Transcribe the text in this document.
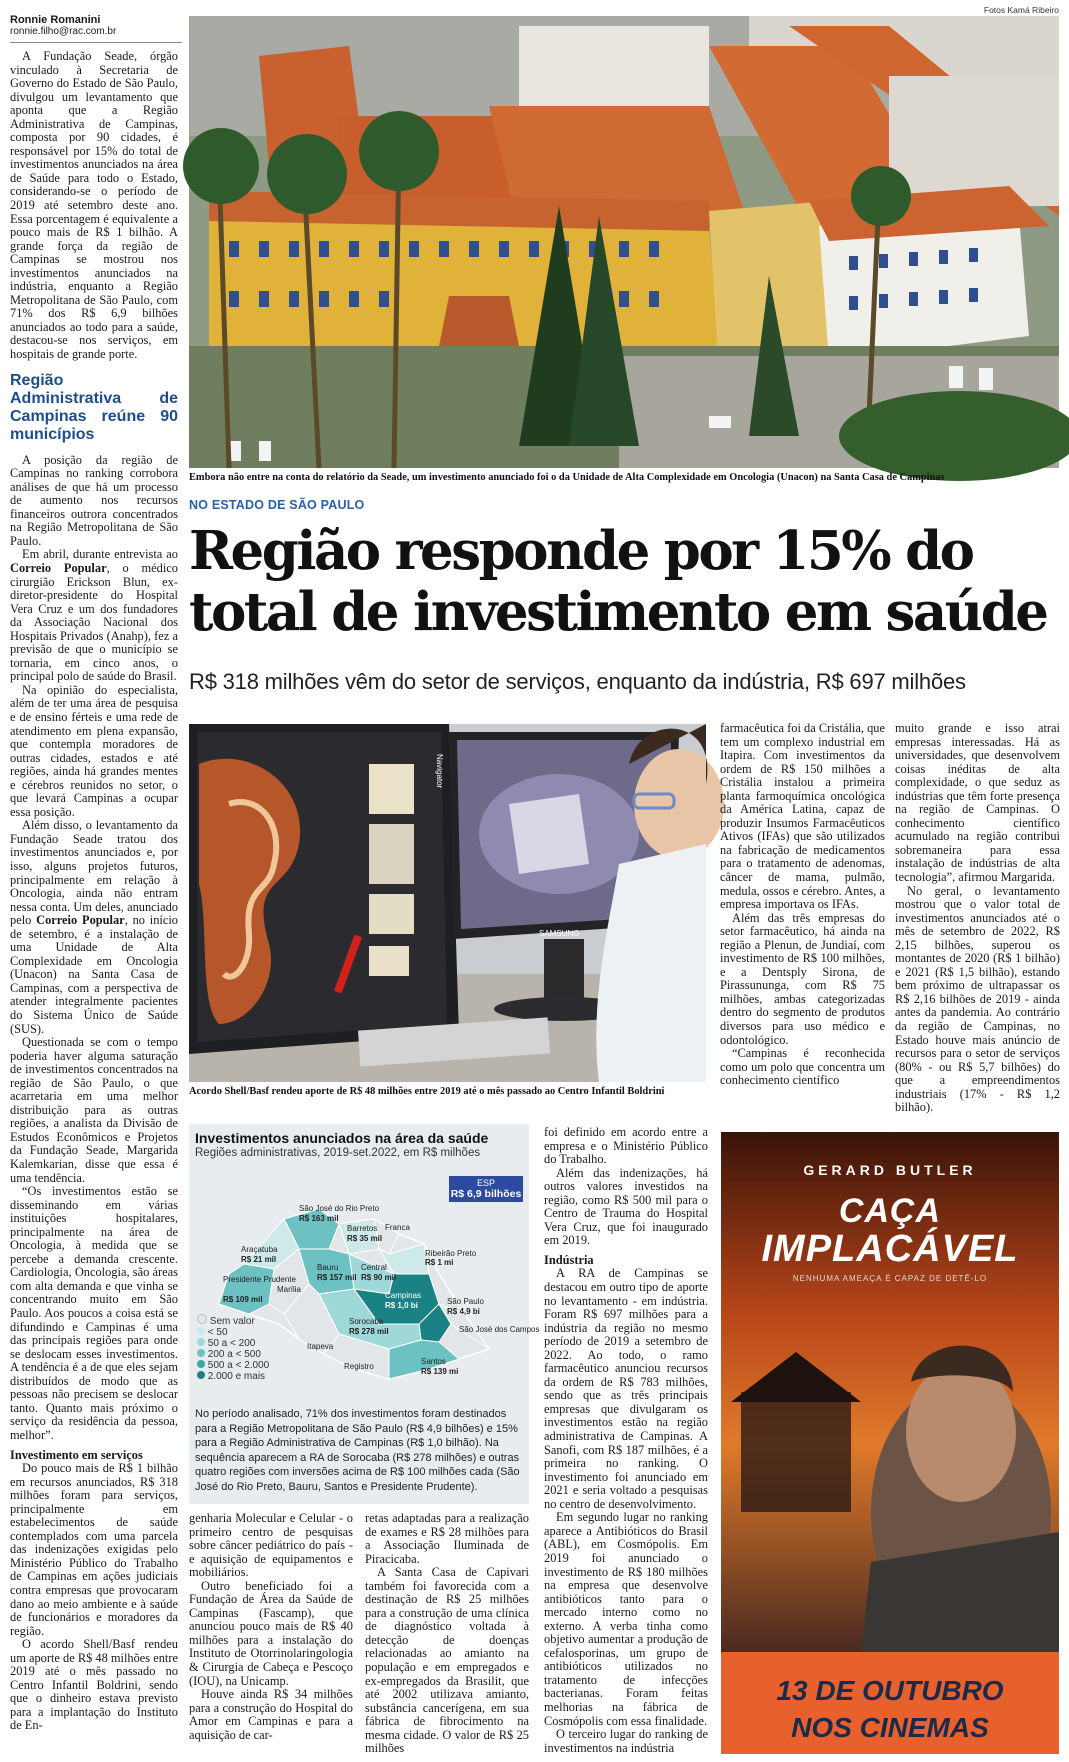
Ronnie Romanini
ronnie.filho@rac.com.br
Fotos Kamá Ribeiro
Embora não entre na conta do relatório da Seade, um investimento anunciado foi o da Unidade de Alta Complexidade em Oncologia (Unacon) na Santa Casa de Campinas
NO ESTADO DE SÃO PAULO
Região responde por 15% do
total de investimento em saúde
R$ 318 milhões vêm do setor de serviços, enquanto da indústria, R$ 697 milhões

A Fundação Seade, órgão vinculado à Secretaria de Governo do Estado de São Paulo, divulgou um levantamento que aponta que a Região Administrativa de Campinas, composta por 90 cidades, é responsável por 15% do total de investimentos anunciados na área de Saúde para todo o Estado, considerando-se o período de 2019 até setembro deste ano. Essa porcentagem é equivalente a pouco mais de R$ 1 bilhão. A grande força da região de Campinas se mostrou nos investimentos anunciados na indústria, enquanto a Região Metropolitana de São Paulo, com 71% dos R$ 6,9 bilhões anunciados ao todo para a saúde, destacou-se nos serviços, em hospitais de grande porte.

Região Administrativa de Campinas reúne 90 municípios

A posição da região de Campinas no ranking corrobora análises de que há um processo de aumento nos recursos financeiros outrora concentrados na Região Metropolitana de São Paulo.

Em abril, durante entrevista ao Correio Popular, o médico cirurgião Erickson Blun, ex-diretor-presidente do Hospital Vera Cruz e um dos fundadores da Associação Nacional dos Hospitais Privados (Anahp), fez a previsão de que o município se tornaria, em cinco anos, o principal polo de saúde do Brasil.

Na opinião do especialista, além de ter uma área de pesquisa e de ensino férteis e uma rede de atendimento em plena expansão, que contempla moradores de outras cidades, estados e até regiões, ainda há grandes mentes e cérebros reunidos no setor, o que levará Campinas a ocupar essa posição.

Além disso, o levantamento da Fundação Seade tratou dos investimentos anunciados e, por isso, alguns projetos futuros, principalmente em relação à Oncologia, ainda não entram nessa conta. Um deles, anunciado pelo Correio Popular, no início de setembro, é a instalação de uma Unidade de Alta Complexidade em Oncologia (Unacon) na Santa Casa de Campinas, com a perspectiva de atender integralmente pacientes do Sistema Único de Saúde (SUS).

Questionada se com o tempo poderia haver alguma saturação de investimentos concentrados na região de São Paulo, o que acarretaria em uma melhor distribuição para as outras regiões, a analista da Divisão de Estudos Econômicos e Projetos da Fundação Seade, Margarida Kalemkarian, disse que essa é uma tendência.

“Os investimentos estão se disseminando em várias instituições hospitalares, principalmente na área de Oncologia, à medida que se percebe a demanda crescente. Cardiologia, Oncologia, são áreas com alta demanda e que vinha se concentrando muito em São Paulo. Aos poucos a coisa está se difundindo e Campinas é uma das principais regiões para onde se deslocam esses investimentos. A tendência é a de que eles sejam distribuídos de modo que as pessoas não precisem se deslocar tanto. Quanto mais próximo o serviço da residência da pessoa, melhor”.

Investimento em serviços

Do pouco mais de R$ 1 bilhão em recursos anunciados, R$ 318 milhões foram para serviços, principalmente em estabelecimentos de saúde contemplados com uma parcela das indenizações exigidas pelo Ministério Público do Trabalho de Campinas em ações judiciais contra empresas que provocaram dano ao meio ambiente e à saúde de funcionários e moradores da região.

O acordo Shell/Basf rendeu um aporte de R$ 48 milhões entre 2019 até o mês passado no Centro Infantil Boldrini, sendo que o dinheiro estava previsto para a implantação do Instituto de En-

Navigator
SAMSUNG
Acordo Shell/Basf rendeu aporte de R$ 48 milhões entre 2019 até o mês passado ao Centro Infantil Boldrini

farmacêutica foi da Cristália, que tem um complexo industrial em Itapira. Com investimentos da ordem de R$ 150 milhões a Cristália instalou a primeira planta farmoquímica oncológica da América Latina, capaz de produzir Insumos Farmacêuticos Ativos (IFAs) que são utilizados na fabricação de medicamentos para o tratamento de adenomas, câncer de mama, pulmão, medula, ossos e cérebro. Antes, a empresa importava os IFAs.

Além das três empresas do setor farmacêutico, há ainda na região a Plenun, de Jundiaí, com investimento de R$ 100 milhões, e a Dentsply Sirona, de Pirassununga, com R$ 75 milhões, ambas categorizadas dentro do segmento de produtos diversos para uso médico e odontológico.

“Campinas é reconhecida como um polo que concentra um conhecimento científico

muito grande e isso atrai empresas interessadas. Há as universidades, que desenvolvem coisas inéditas de alta complexidade, o que seduz as indústrias que têm forte presença na região de Campinas. O conhecimento científico acumulado na região contribui sobremaneira para essa instalação de indústrias de alta tecnologia”, afirmou Margarida.

No geral, o levantamento mostrou que o valor total de investimentos anunciados até o mês de setembro de 2022, R$ 2,15 bilhões, superou os montantes de 2020 (R$ 1 bilhão) e 2021 (R$ 1,5 bilhão), estando bem próximo de ultrapassar os R$ 2,16 bilhões de 2019 - ainda antes da pandemia. Ao contrário da região de Campinas, no Estado houve mais anúncio de recursos para o setor de serviços (80% - ou R$ 5,7 bilhões) do que a empreendimentos industriais (17% - R$ 1,2 bilhão).

Investimentos anunciados na área da saúde
Regiões administrativas, 2019-set.2022, em R$ milhões
ESP
R$ 6,9 bilhões
São José do Rio Preto
R$ 163 mil
Barretos
R$ 35 mil
Franca
Ribeirão Preto
R$ 1 mi
Araçatuba
R$ 21 mil
Central
R$ 90 mil
Presidente Prudente
R$ 109 mil
Marília
Bauru
R$ 157 mil
Campinas
R$ 1,0 bi	São Paulo
R$ 4,9 bi
Sorocaba
R$ 278 mil	São José dos Campos
Itapeva
Registro
Santos
R$ 139 mi
Sem valor
< 50
50 a < 200
200 a < 500
500 a < 2.000
2.000 e mais
No período analisado, 71% dos investimentos foram destinados para a Região Metropolitana de São Paulo (R$ 4,9 bilhões) e 15% para a Região Administrativa de Campinas (R$ 1,0 bilhão). Na sequência aparecem a RA de Sorocaba (R$ 278 milhões) e outras quatro regiões com inversões acima de R$ 100 milhões cada (São José do Rio Preto, Bauru, Santos e Presidente Prudente).

foi definido em acordo entre a empresa e o Ministério Público do Trabalho.

Além das indenizações, há outros valores investidos na região, como R$ 500 mil para o Centro de Trauma do Hospital Vera Cruz, que foi inaugurado em 2019.

Indústria

A RA de Campinas se destacou em outro tipo de aporte no levantamento - em indústria. Foram R$ 697 milhões para a indústria da região no mesmo período de 2019 a setembro de 2022. Ao todo, o ramo farmacêutico anunciou recursos da ordem de R$ 783 milhões, sendo que as três principais empresas que divulgaram os investimentos estão na região administrativa de Campinas. A Sanofi, com R$ 187 milhões, é a primeira no ranking. O investimento foi anunciado em 2021 e seria voltado a pesquisas no centro de desenvolvimento.

Em segundo lugar no ranking aparece a Antibióticos do Brasil (ABL), em Cosmópolis. Em 2019 foi anunciado o investimento de R$ 180 milhões na empresa que desenvolve antibióticos tanto para o mercado interno como no externo. A verba tinha como objetivo aumentar a produção de cefalosporinas, um grupo de antibióticos utilizados no tratamento de infecções bacterianas. Foram feitas melhorias na fábrica de Cosmópolis com essa finalidade.

O terceiro lugar do ranking de investimentos na indústria

genharia Molecular e Celular - o primeiro centro de pesquisas sobre câncer pediátrico do país - e aquisição de equipamentos e mobiliários.

Outro beneficiado foi a Fundação de Área da Saúde de Campinas (Fascamp), que anunciou pouco mais de R$ 40 milhões para a instalação do Instituto de Otorrinolaringologia & Cirurgia de Cabeça e Pescoço (IOU), na Unicamp.

Houve ainda R$ 34 milhões para a construção do Hospital do Amor em Campinas e para a aquisição de car-

retas adaptadas para a realização de exames e R$ 28 milhões para a Associação Iluminada de Piracicaba.

A Santa Casa de Capivari também foi favorecida com a destinação de R$ 25 milhões para a construção de uma clínica de diagnóstico voltada à detecção de doenças relacionadas ao amianto na população e em empregados e ex-empregados da Brasilit, que até 2002 utilizava amianto, substância cancerígena, em sua fábrica de fibrocimento na mesma cidade. O valor de R$ 25 milhões

GERARD BUTLER
CAÇA
IMPLACÁVEL
NENHUMA AMEAÇA É CAPAZ DE DETÊ-LO
13 DE OUTUBRO
NOS CINEMAS
